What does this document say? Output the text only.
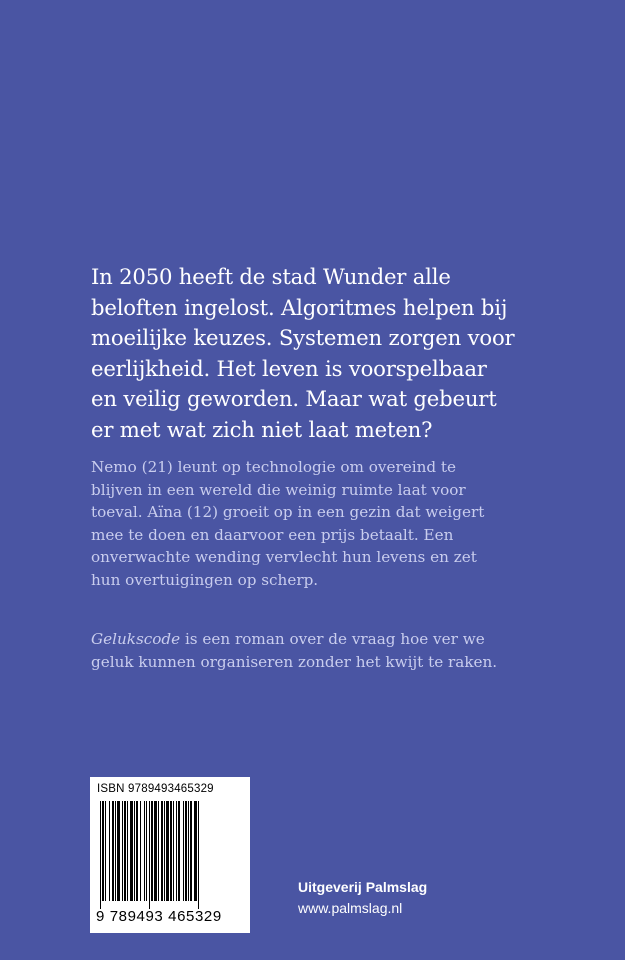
In 2050 heeft de stad Wunder alle
beloften ingelost. Algoritmes helpen bij
moeilijke keuzes. Systemen zorgen voor
eerlijkheid. Het leven is voorspelbaar
en veilig geworden. Maar wat gebeurt
er met wat zich niet laat meten?

Nemo (21) leunt op technologie om overeind te
blijven in een wereld die weinig ruimte laat voor
toeval. Aïna (12) groeit op in een gezin dat weigert
mee te doen en daarvoor een prijs betaalt. Een
onverwachte wending vervlecht hun levens en zet
hun overtuigingen op scherp.

Gelukscode is een roman over de vraag hoe ver we
geluk kunnen organiseren zonder het kwijt te raken.

ISBN 9789493465329
9 789493 465329
Uitgeverij Palmslag
www.palmslag.nl
